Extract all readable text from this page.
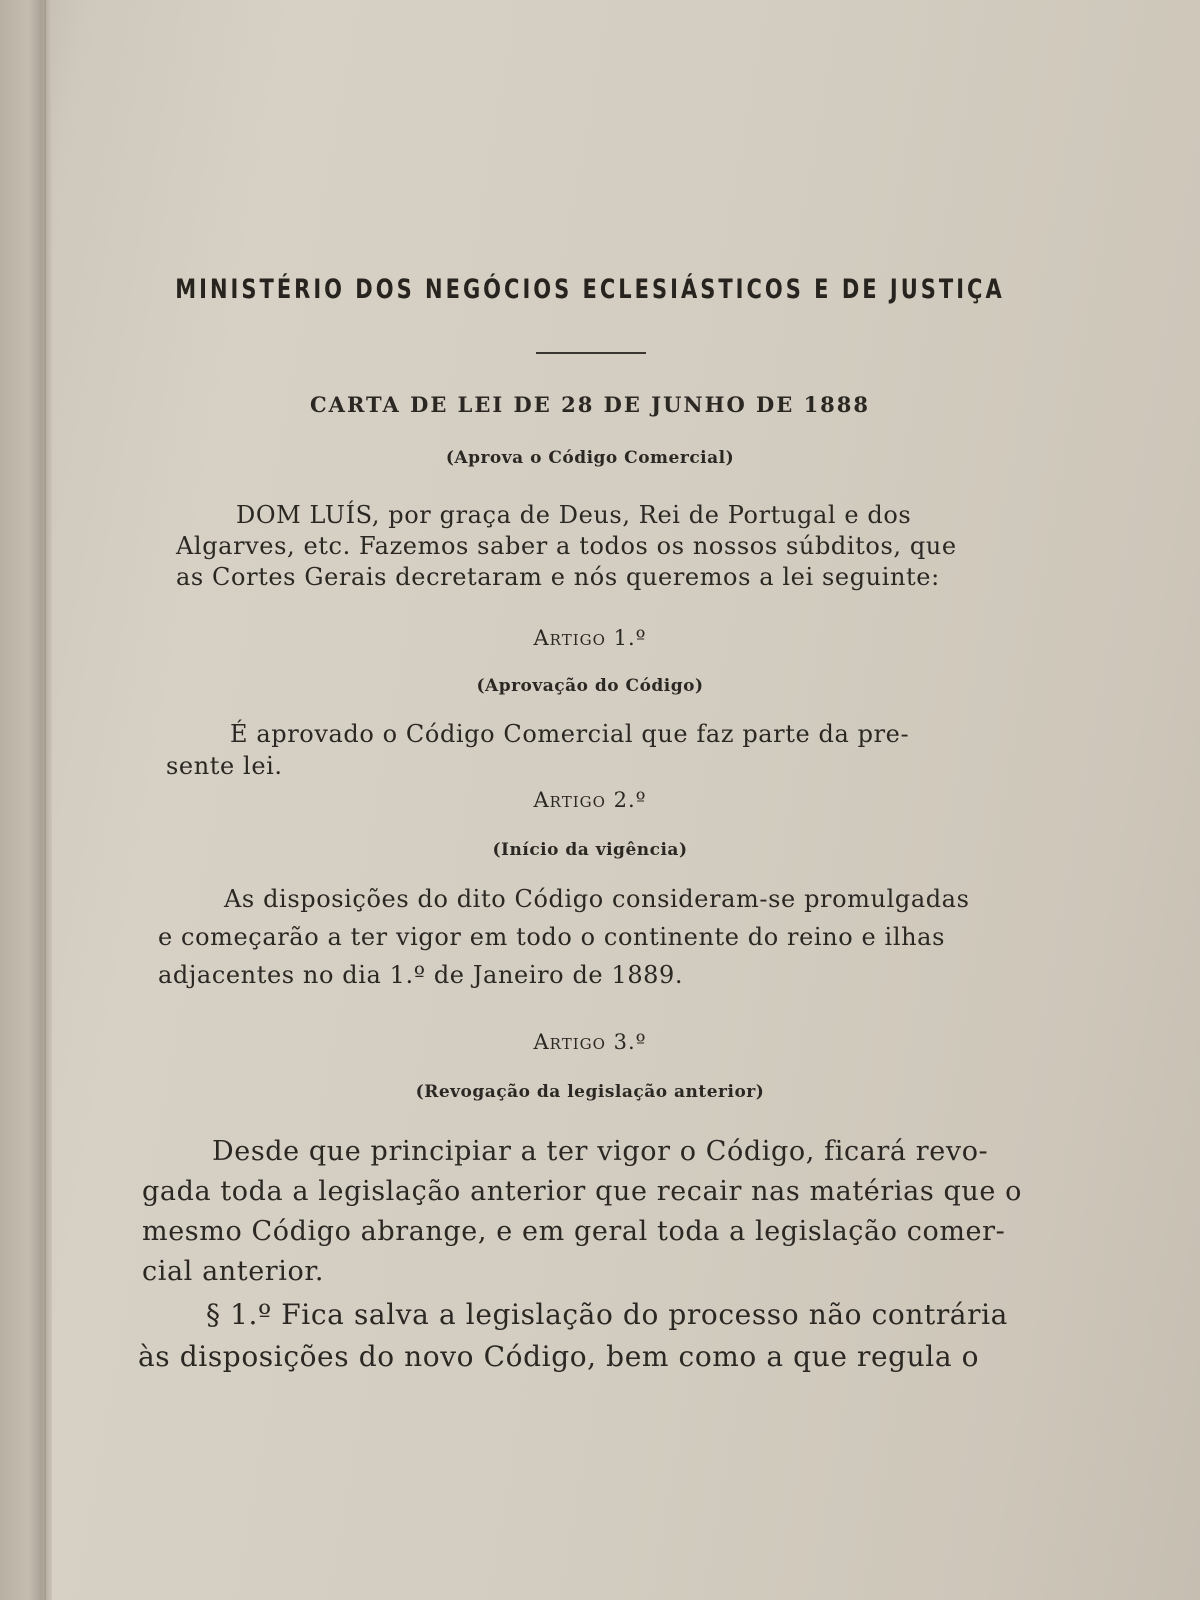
MINISTÉRIO DOS NEGÓCIOS ECLESIÁSTICOS E DE JUSTIÇA
CARTA DE LEI DE 28 DE JUNHO DE 1888
(Aprova o Código Comercial)

DOM LUÍS, por graça de Deus, Rei de Portugal e dos
Algarves, etc. Fazemos saber a todos os nossos súbditos, que
as Cortes Gerais decretaram e nós queremos a lei seguinte:

Artigo 1.º
(Aprovação do Código)

É aprovado o Código Comercial que faz parte da pre-
sente lei.

Artigo 2.º
(Início da vigência)

As disposições do dito Código consideram-se promulgadas
e começarão a ter vigor em todo o continente do reino e ilhas
adjacentes no dia 1.º de Janeiro de 1889.

Artigo 3.º
(Revogação da legislação anterior)

Desde que principiar a ter vigor o Código, ficará revo-
gada toda a legislação anterior que recair nas matérias que o
mesmo Código abrange, e em geral toda a legislação comer-
cial anterior.

§ 1.º Fica salva a legislação do processo não contrária
às disposições do novo Código, bem como a que regula o
